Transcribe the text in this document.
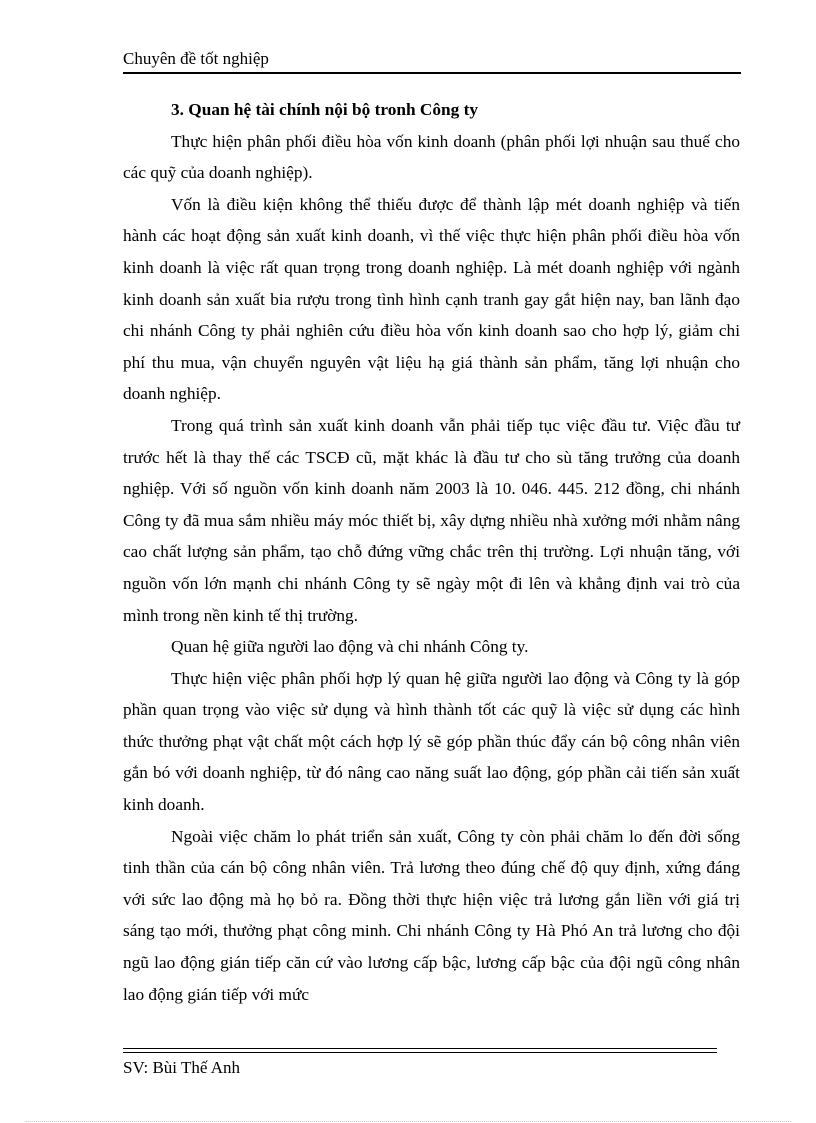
Chuyên đề tốt nghiệp
3. Quan hệ tài chính nội bộ tronh Công ty

Thực hiện phân phối điều hòa vốn kinh doanh (phân phối lợi nhuận sau thuế cho các quỹ của doanh nghiệp).

Vốn là điều kiện không thể thiếu được để thành lập mét doanh nghiệp và tiến hành các hoạt động sản xuất kinh doanh, vì thế việc thực hiện phân phối điều hòa vốn kinh doanh là việc rất quan trọng trong doanh nghiệp. Là mét doanh nghiệp với ngành kinh doanh sản xuất bia rượu trong tình hình cạnh tranh gay gắt hiện nay, ban lãnh đạo chi nhánh Công ty phải nghiên cứu điều hòa vốn kinh doanh sao cho hợp lý, giảm chi phí thu mua, vận chuyển nguyên vật liệu hạ giá thành sản phẩm, tăng lợi nhuận cho doanh nghiệp.

Trong quá trình sản xuất kinh doanh vẫn phải tiếp tục việc đầu tư. Việc đầu tư trước hết là thay thế các TSCĐ cũ, mặt khác là đầu tư cho sù tăng trưởng của doanh nghiệp. Với số nguồn vốn kinh doanh năm 2003 là 10. 046. 445. 212 đồng, chi nhánh Công ty đã mua sắm nhiều máy móc thiết bị, xây dựng nhiều nhà xưởng mới nhằm nâng cao chất lượng sản phẩm, tạo chỗ đứng vững chắc trên thị trường. Lợi nhuận tăng, với nguồn vốn lớn mạnh chi nhánh Công ty sẽ ngày một đi lên và khẳng định vai trò của mình trong nền kinh tế thị trường.

Quan hệ giữa người lao động và chi nhánh Công ty.

Thực hiện việc phân phối hợp lý quan hệ giữa người lao động và Công ty là góp phần quan trọng vào việc sử dụng và hình thành tốt các quỹ là việc sử dụng các hình thức thưởng phạt vật chất một cách hợp lý sẽ góp phần thúc đẩy cán bộ công nhân viên gắn bó với doanh nghiệp, từ đó nâng cao năng suất lao động, góp phần cải tiến sản xuất kinh doanh.

Ngoài việc chăm lo phát triển sản xuất, Công ty còn phải chăm lo đến đời sống tinh thần của cán bộ công nhân viên. Trả lương theo đúng chế độ quy định, xứng đáng với sức lao động mà họ bỏ ra. Đồng thời thực hiện việc trả lương gắn liền với giá trị sáng tạo mới, thưởng phạt công minh. Chi nhánh Công ty Hà Phó An trả lương cho đội ngũ lao động gián tiếp căn cứ vào lương cấp bậc, lương cấp bậc của đội ngũ công nhân lao động gián tiếp với mức

SV: Bùi Thế Anh
